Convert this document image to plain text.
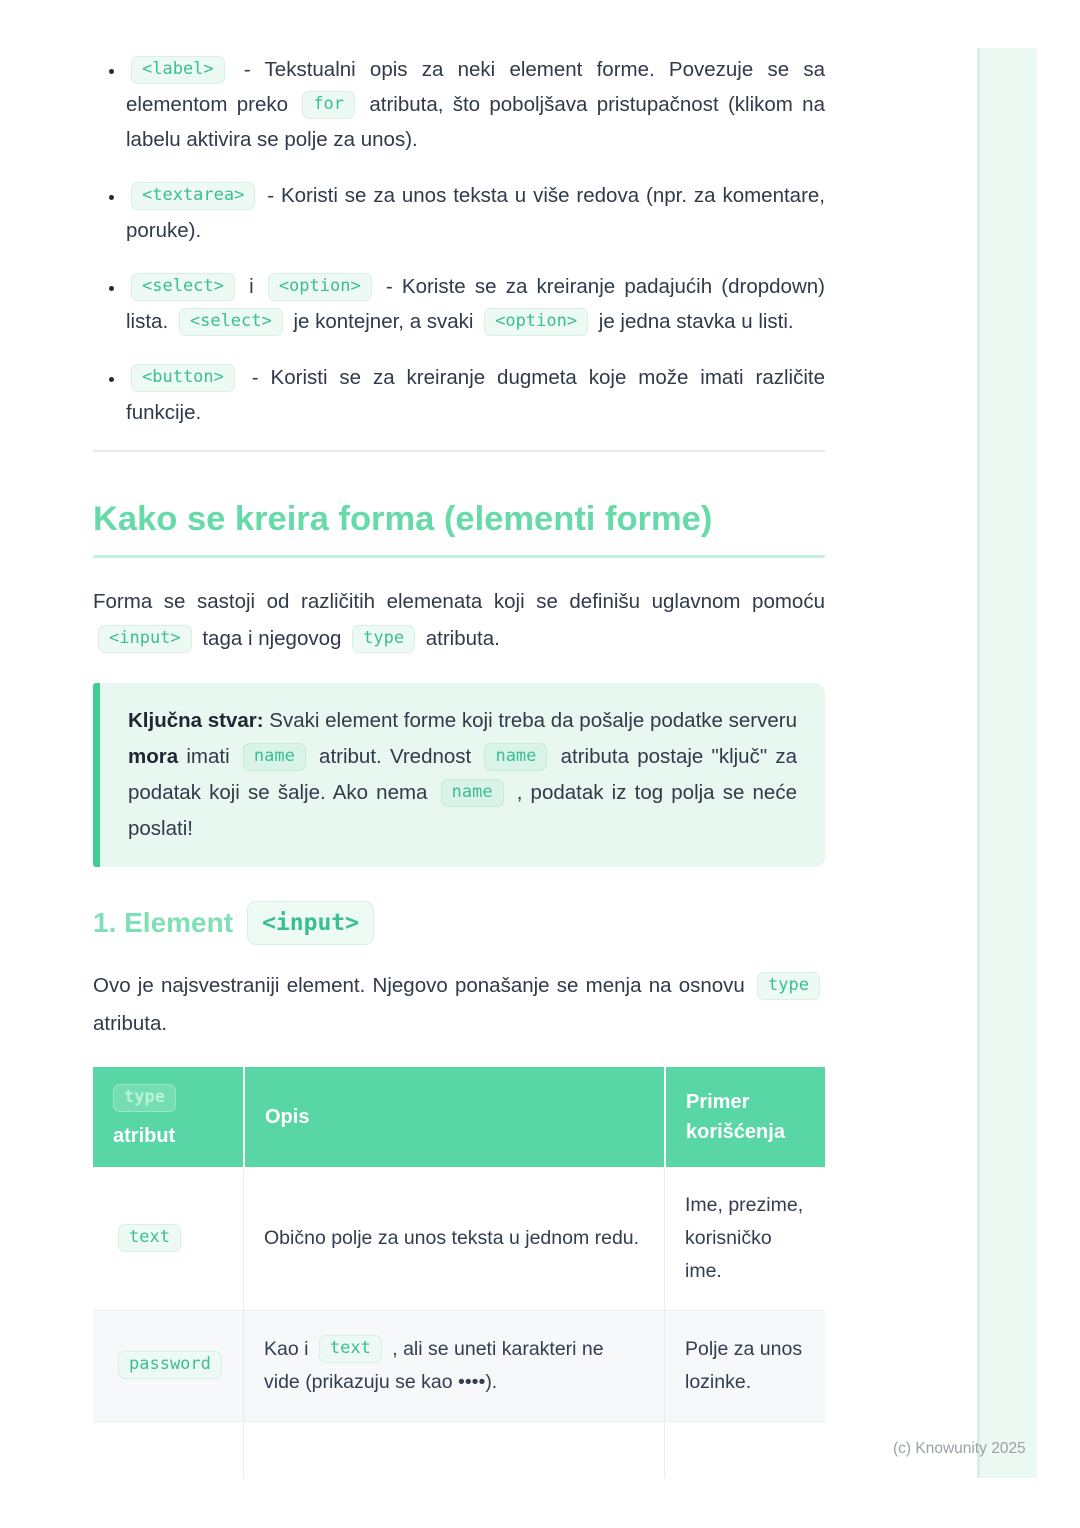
• <label> - Tekstualni opis za neki element forme. Povezuje se sa elementom preko for atributa, što poboljšava pristupačnost (klikom na labelu aktivira se polje za unos).
• <textarea> - Koristi se za unos teksta u više redova (npr. za komentare, poruke).
• <select> i <option> - Koriste se za kreiranje padajućih (dropdown) lista. <select> je kontejner, a svaki <option> je jedna stavka u listi.
• <button> - Koristi se za kreiranje dugmeta koje može imati različite funkcije.
Kako se kreira forma (elementi forme)

Forma se sastoji od različitih elemenata koji se definišu uglavnom pomoću <input> taga i njegovog type atributa.

Ključna stvar: Svaki element forme koji treba da pošalje podatke serveru mora imati name atribut. Vrednost name atributa postaje "ključ" za podatak koji se šalje. Ako nema name , podatak iz tog polja se neće poslati!

1. Element	<input>

Ovo je najsvestraniji element. Njegovo ponašanje se menja na osnovu type atributa.

type
atribut	Opis	Primer korišćenja
text	Obično polje za unos teksta u jednom redu.	Ime, prezime, korisničko ime.
password	Kao i text , ali se uneti karakteri ne vide (prikazuju se kao ••••).	Polje za unos lozinke.

(c) Knowunity 2025
